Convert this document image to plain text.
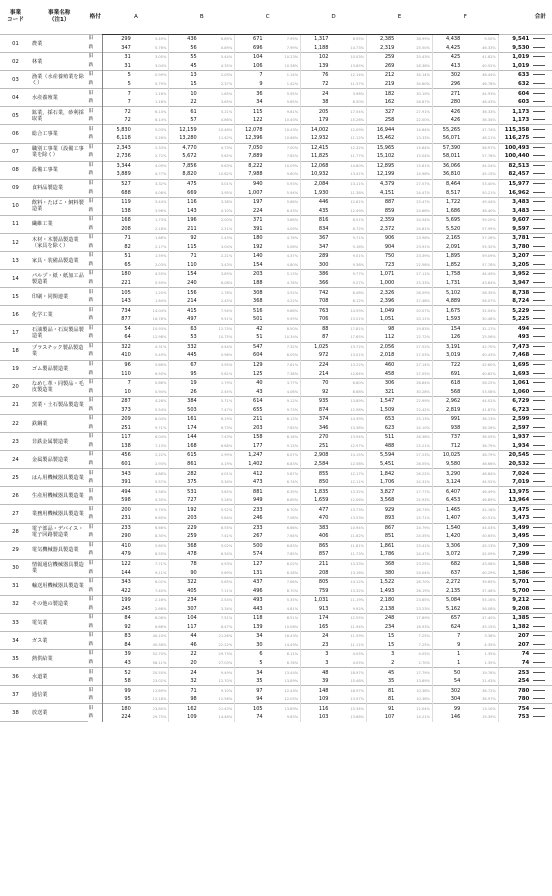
事業
コード	事業名称
（注1）	格付	A		B		C		D		E		F		合計	
01	農業	旧	299	5.49%	436	6.89%	671	7.99%	1,317	8.95%	2,385	38.99%	4,438	9.50%	9,541	
		新	347	5.76%	56	0.89%	696	7.99%	1,188	14.73%	2,319	25.50%	4,425	46.33%	9,530	
02	林業	旧	31	3.05%	55	5.44%	104	10.23%	102	10.03%	259	25.43%	425	41.82%	1,019	
		新	31	3.04%	45	4.35%	106	10.38%	139	13.65%	269	28.36%	413	40.52%	1,019	
03	漁業（水産養殖業を除く）	旧	5	0.99%	13	2.05%	7	1.14%	76	12.14%	212	34.14%	302	48.44%	633	
		新	5	0.79%	15	2.37%	9	1.42%	72	11.37%	219	34.60%	296	46.78%	632	
04	水産養殖業	旧	7	1.16%	10	1.65%	36	5.95%	24	3.98%	182	30.19%	271	44.93%	604	
		新	7	1.16%	22	3.65%	34	5.65%	38	6.30%	162	26.87%	280	46.43%	603	
05	鉱業，採石業，砂利採取業	旧	72	6.14%	61	5.21%	115	9.81%	205	17.54%	327	27.91%	426	36.33%	1,173	
		新	72	6.14%	57	4.86%	122	10.40%	179	15.26%	258	22.00%	426	36.34%	1,173	
06	総合工事業	旧	5,830	5.03%	12,159	10.46%	12,078	10.43%	14,002	12.09%	16,944	14.64%	55,265	47.74%	115,358	
		新	6,118	5.26%	13,280	11.42%	12,396	10.66%	12,932	11.12%	15,462	13.33%	56,071	48.21%	116,275	
07	職別工事業（設備工事業を除く）	旧	2,343	2.33%	4,770	4.73%	7,050	7.00%	12,415	12.32%	15,965	15.84%	57,390	56.97%	100,493	
		新	2,736	2.72%	5,672	5.65%	7,889	7.85%	11,825	11.77%	15,102	15.04%	58,011	57.76%	100,440	
08	設備工事業	旧	3,344	4.09%	7,856	9.63%	8,222	10.09%	12,068	14.80%	12,895	15.81%	36,066	44.24%	82,513	
		新	3,889	4.77%	8,820	10.82%	7,988	9.80%	10,932	13.41%	12,199	14.96%	36,810	45.15%	82,457	
09	食料品製造業	旧	527	3.32%	475	3.01%	940	5.93%	2,084	13.11%	4,379	27.57%	8,464	53.40%	15,977	
		新	688	4.06%	669	3.95%	1,007	5.94%	1,930	11.38%	4,151	24.47%	8,517	50.21%	16,962	
10	飲料・たばこ・飼料製造業	旧	119	3.44%	116	3.38%	197	5.66%	446	12.81%	887	25.47%	1,722	49.44%	3,483	
		新	138	3.96%	143	4.10%	224	6.43%	435	12.49%	859	24.66%	1,686	48.40%	3,483	
11	繊維工業	旧	168	1.73%	196	2.00%	371	3.86%	816	8.51%	2,359	24.54%	5,695	59.20%	9,607	
		新	208	2.18%	211	2.21%	391	4.09%	834	8.72%	2,372	24.81%	5,520	57.99%	9,597	
12	木材・木製品製造業（家具を除く）	旧	71	1.88%	92	2.43%	180	4.76%	367	9.71%	906	23.96%	2,165	57.26%	3,781	
		新	82	2.17%	115	3.04%	192	5.08%	347	9.18%	904	23.91%	2,091	55.32%	3,780	
13	家具・装備品製造業	旧	51	1.59%	71	2.21%	140	4.37%	289	9.01%	750	23.39%	1,895	59.09%	3,207	
		新	65	2.03%	110	3.43%	154	4.80%	300	9.36%	723	22.56%	1,852	57.78%	3,205	
14	パルプ・紙・紙加工品製造業	旧	180	4.55%	154	3.89%	203	5.13%	386	9.77%	1,071	27.11%	1,758	44.49%	3,952	
		新	221	5.59%	240	6.08%	188	4.76%	366	9.27%	1,000	25.33%	1,731	43.84%	3,947	
15	印刷・同関連業	旧	105	1.20%	156	1.78%	308	3.52%	742	8.48%	2,326	26.59%	5,102	58.35%	8,738	
		新	143	1.64%	214	2.45%	368	4.22%	708	8.12%	2,396	27.48%	4,889	56.07%	8,724	
16	化学工業	旧	734	14.04%	415	7.94%	516	9.86%	763	14.59%	1,049	20.07%	1,675	32.04%	5,229	
		新	877	16.78%	497	9.51%	501	9.59%	706	13.51%	1,051	20.11%	1,593	30.48%	5,225	
17	石油製品・石炭製品製造業	旧	54	10.93%	63	12.75%	42	8.50%	88	17.81%	98	19.83%	154	31.17%	494	
		新	64	12.98%	53	10.75%	51	10.34%	87	17.65%	112	22.72%	126	25.56%	493	
18	プラスチック製品製造業	旧	322	4.31%	332	4.44%	547	7.32%	1,025	13.72%	2,056	27.52%	3,191	42.70%	7,473	
		新	410	5.49%	445	5.96%	604	8.09%	972	13.01%	2,018	27.03%	3,019	40.43%	7,468	
19	ゴム製品製造業	旧	96	5.66%	67	3.95%	129	7.61%	224	13.22%	460	27.14%	722	42.60%	1,695	
		新	110	6.50%	95	5.61%	125	7.38%	214	12.64%	458	27.05%	691	40.82%	1,693	
20	なめし革・同製品・毛皮製造業	旧	7	0.66%	19	1.79%	40	3.77%	70	6.60%	306	28.84%	618	58.25%	1,061	
		新	10	0.94%	26	2.45%	43	4.06%	92	8.68%	321	30.28%	568	53.58%	1,060	
21	窯業・土石製品製造業	旧	287	4.26%	384	5.71%	614	9.12%	935	13.89%	1,547	22.99%	2,962	44.02%	6,729	
		新	373	5.54%	503	7.47%	655	9.73%	874	12.98%	1,509	22.42%	2,819	41.87%	6,723	
22	鉄鋼業	旧	209	8.04%	161	6.19%	211	8.12%	374	14.39%	653	25.13%	991	38.13%	2,599	
		新	251	9.71%	174	6.73%	203	7.85%	346	13.38%	623	24.10%	938	36.28%	2,597	
23	非鉄金属製造業	旧	117	6.04%	144	7.43%	158	8.16%	270	13.94%	511	26.38%	737	38.05%	1,937	
		新	138	7.13%	168	8.68%	177	9.15%	251	12.97%	488	25.21%	712	36.79%	1,934	
24	金属製品製造業	旧	456	2.22%	615	2.99%	1,247	6.07%	2,908	14.15%	5,594	27.23%	10,025	48.79%	20,545	
		新	601	2.93%	861	4.19%	1,402	6.83%	2,584	12.58%	5,451	26.55%	9,580	46.66%	20,532	
25	はん用機械器具製造業	旧	343	4.88%	282	4.01%	412	5.87%	855	12.17%	1,842	26.22%	3,290	46.84%	7,024	
		新	391	5.57%	375	5.34%	473	6.74%	850	12.11%	1,706	24.31%	3,124	44.52%	7,019	
26	生産用機械器具製造業	旧	494	3.58%	531	3.85%	881	6.39%	1,835	13.32%	3,827	27.77%	6,407	46.49%	13,975	
		新	598	4.35%	727	5.28%	949	6.89%	1,659	12.06%	3,568	25.93%	6,453	46.89%	13,964	
27	業務用機械器具製造業	旧	200	5.75%	192	5.52%	233	6.70%	477	13.73%	929	26.73%	1,465	42.16%	3,475	
		新	231	6.65%	203	5.84%	246	7.08%	470	13.53%	893	25.71%	1,407	40.51%	3,473	
28	電子部品・デバイス・電子回路製造業	旧	233	6.66%	229	6.55%	233	6.66%	383	10.94%	867	24.79%	1,540	44.03%	3,499	
		新	290	8.30%	259	7.41%	267	7.64%	406	11.62%	851	24.35%	1,420	40.63%	3,495	
29	電気機械器具製造業	旧	410	5.60%	368	5.02%	500	6.83%	865	11.81%	1,861	25.41%	3,306	45.13%	7,309	
		新	479	6.55%	478	6.54%	574	7.85%	857	11.73%	1,786	24.47%	3,072	42.09%	7,299	
30	情報通信機械器具製造業	旧	122	7.71%	78	4.93%	127	8.02%	211	13.33%	368	23.25%	682	43.08%	1,588	
		新	144	9.11%	90	5.69%	131	8.28%	208	13.16%	380	24.04%	637	40.29%	1,586	
31	輸送用機械器具製造業	旧	343	6.02%	322	5.65%	437	7.66%	805	14.12%	1,522	26.70%	2,272	39.85%	5,701	
		新	422	7.40%	405	7.11%	496	8.70%	759	13.32%	1,493	26.19%	2,135	37.46%	5,700	
32	その他の製造業	旧	199	2.16%	234	2.54%	493	5.35%	1,031	11.19%	2,180	23.65%	5,084	55.16%	9,212	
		新	245	2.66%	307	3.34%	443	4.81%	913	9.92%	2,138	23.23%	5,162	56.08%	9,208	
33	電気業	旧	84	6.06%	104	7.51%	118	8.51%	174	12.55%	248	17.89%	657	47.40%	1,385	
		新	92	6.66%	117	8.47%	139	10.06%	165	11.94%	234	16.93%	624	45.15%	1,382	
34	ガス業	旧	83	40.10%	44	21.26%	34	16.43%	24	11.59%	15	7.25%	7	3.38%	207	
		新	84	40.58%	46	22.22%	30	14.49%	23	11.11%	15	7.25%	9	4.35%	207	
35	熱供給業	旧	39	52.70%	22	29.73%	6	8.11%	3	4.05%	3	4.05%	1	1.35%	74	
		新	43	58.11%	20	27.03%	5	6.76%	3	4.05%	2	2.70%	1	1.35%	74	
36	水道業	旧	52	20.55%	24	9.49%	34	13.44%	48	18.97%	45	17.79%	50	19.76%	253	
		新	58	23.02%	32	12.70%	35	13.89%	39	15.48%	35	13.89%	54	21.43%	254	
37	通信業	旧	99	12.69%	71	9.10%	97	12.44%	148	18.97%	81	10.38%	302	38.72%	780	
		新	95	12.18%	98	12.56%	94	12.05%	109	13.97%	81	10.38%	304	38.97%	780	
38	放送業	旧	180	23.80%	162	21.43%	105	13.89%	116	15.34%	91	12.04%	99	13.10%	754	
		新	224	29.75%	109	14.48%	74	9.83%	103	13.68%	107	14.21%	146	19.39%	753	
